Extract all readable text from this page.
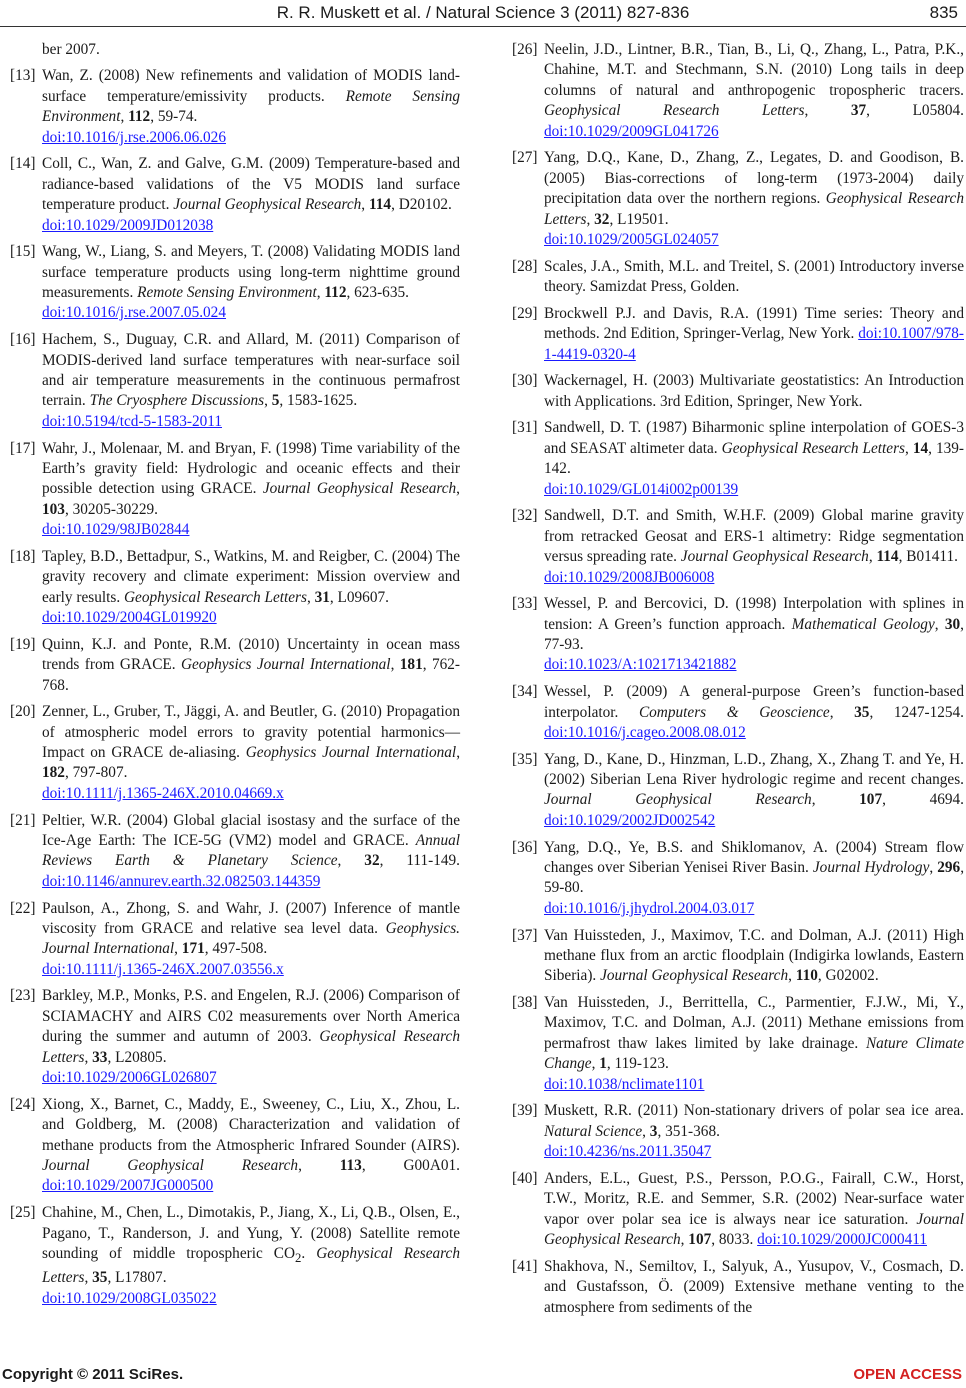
R. R. Muskett et al. / Natural Science 3 (2011) 827-836	835
ber 2007.
[13] Wan, Z. (2008) New refinements and validation of MODIS land-surface temperature/emissivity products. Remote Sensing Environment, 112, 59-74.
doi:10.1016/j.rse.2006.06.026
[14] Coll, C., Wan, Z. and Galve, G.M. (2009) Temperature-based and radiance-based validations of the V5 MODIS land surface temperature product. Journal Geophysical Research, 114, D20102.
doi:10.1029/2009JD012038
[15] Wang, W., Liang, S. and Meyers, T. (2008) Validating MODIS land surface temperature products using long-term nighttime ground measurements. Remote Sensing Environment, 112, 623-635.
doi:10.1016/j.rse.2007.05.024
[16] Hachem, S., Duguay, C.R. and Allard, M. (2011) Comparison of MODIS-derived land surface temperatures with near-surface soil and air temperature measurements in the continuous permafrost terrain. The Cryosphere Discussions, 5, 1583-1625.
doi:10.5194/tcd-5-1583-2011
[17] Wahr, J., Molenaar, M. and Bryan, F. (1998) Time variability of the Earth’s gravity field: Hydrologic and oceanic effects and their possible detection using GRACE. Journal Geophysical Research, 103, 30205-30229.
doi:10.1029/98JB02844
[18] Tapley, B.D., Bettadpur, S., Watkins, M. and Reigber, C. (2004) The gravity recovery and climate experiment: Mission overview and early results. Geophysical Research Letters, 31, L09607.
doi:10.1029/2004GL019920
[19] Quinn, K.J. and Ponte, R.M. (2010) Uncertainty in ocean mass trends from GRACE. Geophysics Journal International, 181, 762-768.
[20] Zenner, L., Gruber, T., Jäggi, A. and Beutler, G. (2010) Propagation of atmospheric model errors to gravity potential harmonics—Impact on GRACE de-aliasing. Geophysics Journal International, 182, 797-807.
doi:10.1111/j.1365-246X.2010.04669.x
[21] Peltier, W.R. (2004) Global glacial isostasy and the surface of the Ice-Age Earth: The ICE-5G (VM2) model and GRACE. Annual Reviews Earth & Planetary Science, 32, 111-149. doi:10.1146/annurev.earth.32.082503.144359
[22] Paulson, A., Zhong, S. and Wahr, J. (2007) Inference of mantle viscosity from GRACE and relative sea level data. Geophysics. Journal International, 171, 497-508.
doi:10.1111/j.1365-246X.2007.03556.x
[23] Barkley, M.P., Monks, P.S. and Engelen, R.J. (2006) Comparison of SCIAMACHY and AIRS C02 measurements over North America during the summer and autumn of 2003. Geophysical Research Letters, 33, L20805.
doi:10.1029/2006GL026807
[24] Xiong, X., Barnet, C., Maddy, E., Sweeney, C., Liu, X., Zhou, L. and Goldberg, M. (2008) Characterization and validation of methane products from the Atmospheric Infrared Sounder (AIRS). Journal Geophysical Research, 113, G00A01. doi:10.1029/2007JG000500
[25] Chahine, M., Chen, L., Dimotakis, P., Jiang, X., Li, Q.B., Olsen, E., Pagano, T., Randerson, J. and Yung, Y. (2008) Satellite remote sounding of middle tropospheric $CO_2$. Geophysical Research Letters, 35, L17807.
doi:10.1029/2008GL035022
[26] Neelin, J.D., Lintner, B.R., Tian, B., Li, Q., Zhang, L., Patra, P.K., Chahine, M.T. and Stechmann, S.N. (2010) Long tails in deep columns of natural and anthropogenic tropospheric tracers. Geophysical Research Letters, 37, L05804. doi:10.1029/2009GL041726
[27] Yang, D.Q., Kane, D., Zhang, Z., Legates, D. and Goodison, B. (2005) Bias-corrections of long-term (1973-2004) daily precipitation data over the northern regions. Geophysical Research Letters, 32, L19501.
doi:10.1029/2005GL024057
[28] Scales, J.A., Smith, M.L. and Treitel, S. (2001) Introductory inverse theory. Samizdat Press, Golden.
[29] Brockwell P.J. and Davis, R.A. (1991) Time series: Theory and methods. 2nd Edition, Springer-Verlag, New York. doi:10.1007/978-1-4419-0320-4
[30] Wackernagel, H. (2003) Multivariate geostatistics: An Introduction with Applications. 3rd Edition, Springer, New York.
[31] Sandwell, D. T. (1987) Biharmonic spline interpolation of GOES-3 and SEASAT altimeter data. Geophysical Research Letters, 14, 139-142.
doi:10.1029/GL014i002p00139
[32] Sandwell, D.T. and Smith, W.H.F. (2009) Global marine gravity from retracked Geosat and ERS-1 altimetry: Ridge segmentation versus spreading rate. Journal Geophysical Research, 114, B01411.
doi:10.1029/2008JB006008
[33] Wessel, P. and Bercovici, D. (1998) Interpolation with splines in tension: A Green’s function approach. Mathematical Geology, 30, 77-93.
doi:10.1023/A:1021713421882
[34] Wessel, P. (2009) A general-purpose Green’s function-based interpolator. Computers & Geoscience, 35, 1247-1254. doi:10.1016/j.cageo.2008.08.012
[35] Yang, D., Kane, D., Hinzman, L.D., Zhang, X., Zhang T. and Ye, H. (2002) Siberian Lena River hydrologic regime and recent changes. Journal Geophysical Research, 107, 4694. doi:10.1029/2002JD002542
[36] Yang, D.Q., Ye, B.S. and Shiklomanov, A. (2004) Stream flow changes over Siberian Yenisei River Basin. Journal Hydrology, 296, 59-80.
doi:10.1016/j.jhydrol.2004.03.017
[37] Van Huissteden, J., Maximov, T.C. and Dolman, A.J. (2011) High methane flux from an arctic floodplain (Indigirka lowlands, Eastern Siberia). Journal Geophysical Research, 110, G02002.
[38] Van Huissteden, J., Berrittella, C., Parmentier, F.J.W., Mi, Y., Maximov, T.C. and Dolman, A.J. (2011) Methane emissions from permafrost thaw lakes limited by lake drainage. Nature Climate Change, 1, 119-123.
doi:10.1038/nclimate1101
[39] Muskett, R.R. (2011) Non-stationary drivers of polar sea ice area. Natural Science, 3, 351-368.
doi:10.4236/ns.2011.35047
[40] Anders, E.L., Guest, P.S., Persson, P.O.G., Fairall, C.W., Horst, T.W., Moritz, R.E. and Semmer, S.R. (2002) Near-surface water vapor over polar sea ice is always near ice saturation. Journal Geophysical Research, 107, 8033. doi:10.1029/2000JC000411
[41] Shakhova, N., Semiltov, I., Salyuk, A., Yusupov, V., Cosmach, D. and Gustafsson, Ö. (2009) Extensive methane venting to the atmosphere from sediments of the
Copyright © 2011 SciRes.	OPEN ACCESS
